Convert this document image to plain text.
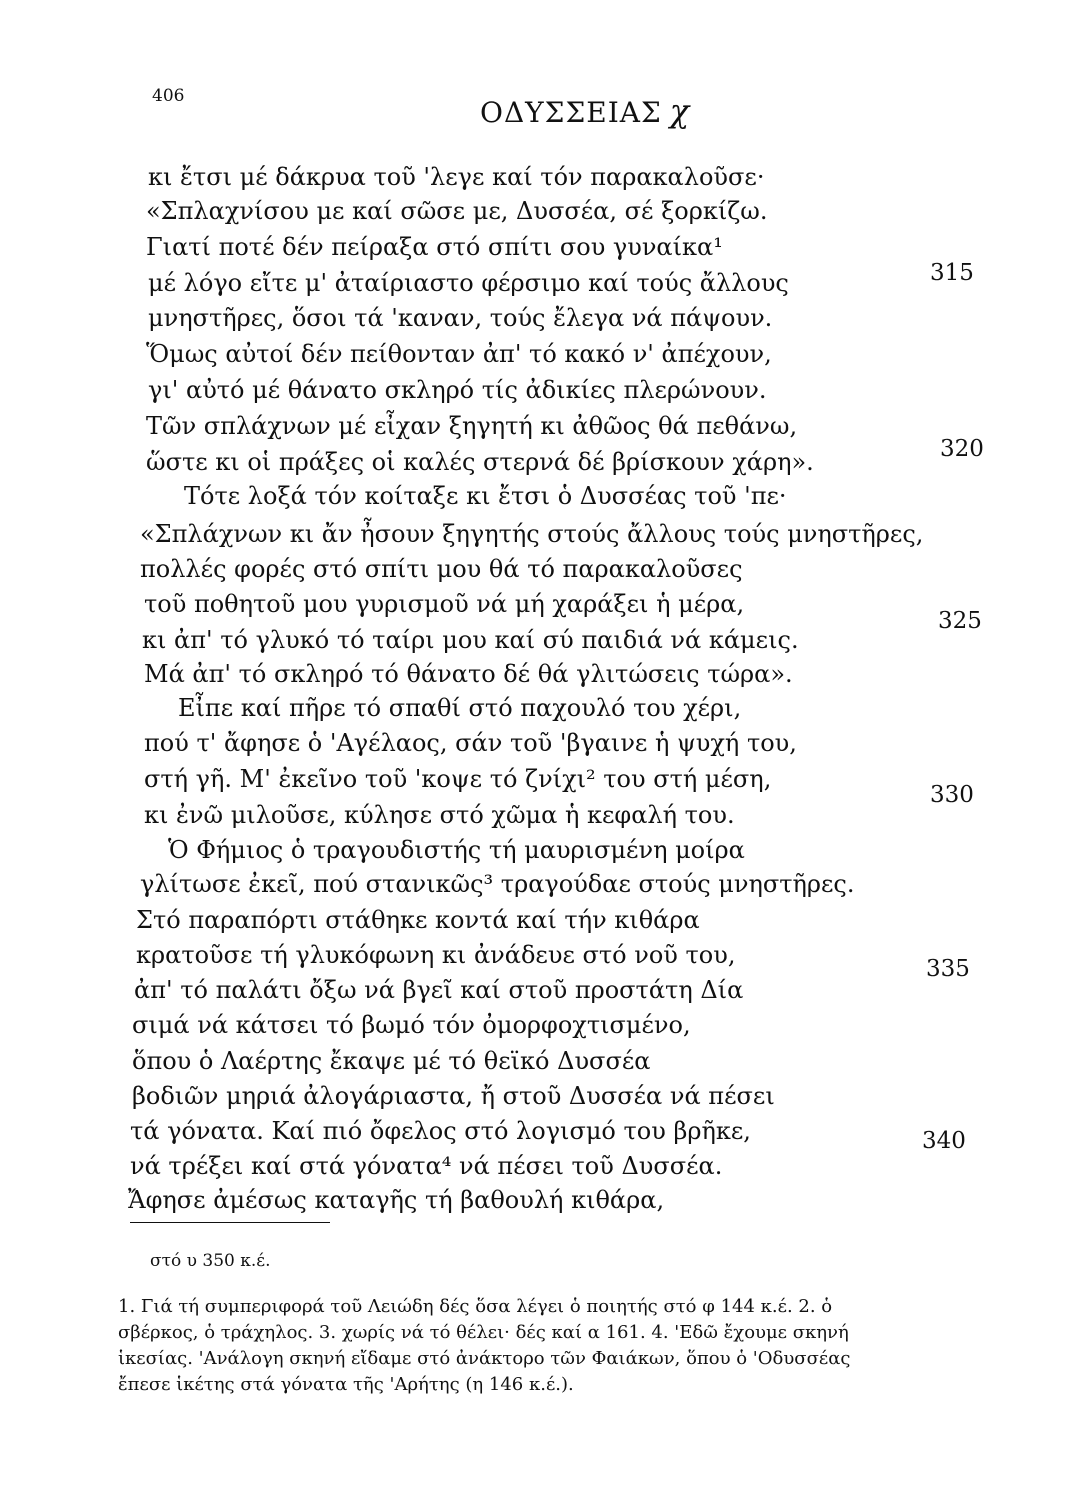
406	ΟΔΥΣΣΕΙΑΣ χ
κι ἔτσι μέ δάκρυα τοῦ 'λεγε καί τόν παρακαλοῦσε·
«Σπλαχνίσου με καί σῶσε με, Δυσσέα, σέ ξορκίζω.
Γιατί ποτέ δέν πείραξα στό σπίτι σου γυναίκα¹
μέ λόγο εἴτε μ' ἀταίριαστο φέρσιμο καί τούς ἄλλους
μνηστῆρες, ὅσοι τά 'καναν, τούς ἔλεγα νά πάψουν.
Ὅμως αὐτοί δέν πείθονταν ἀπ' τό κακό ν' ἀπέχουν,
γι' αὐτό μέ θάνατο σκληρό τίς ἀδικίες πλερώνουν.
Τῶν σπλάχνων μέ εἶχαν ξηγητή κι ἀθῶος θά πεθάνω,
ὥστε κι οἱ πράξες οἱ καλές στερνά δέ βρίσκουν χάρη».
Τότε λοξά τόν κοίταξε κι ἔτσι ὁ Δυσσέας τοῦ 'πε·
«Σπλάχνων κι ἄν ἦσουν ξηγητής στούς ἄλλους τούς μνηστῆρες,
πολλές φορές στό σπίτι μου θά τό παρακαλοῦσες
τοῦ ποθητοῦ μου γυρισμοῦ νά μή χαράξει ἡ μέρα,
κι ἀπ' τό γλυκό τό ταίρι μου καί σύ παιδιά νά κάμεις.
Μά ἀπ' τό σκληρό τό θάνατο δέ θά γλιτώσεις τώρα».
Εἶπε καί πῆρε τό σπαθί στό παχουλό του χέρι,
πού τ' ἄφησε ὁ 'Αγέλαος, σάν τοῦ 'βγαινε ἡ ψυχή του,
στή γῆ. Μ' ἐκεῖνο τοῦ 'κοψε τό ζνίχι² του στή μέση,
κι ἐνῶ μιλοῦσε, κύλησε στό χῶμα ἡ κεφαλή του.
Ὁ Φήμιος ὁ τραγουδιστής τή μαυρισμένη μοίρα
γλίτωσε ἐκεῖ, πού στανικῶς³ τραγούδαε στούς μνηστῆρες.
Στό παραπόρτι στάθηκε κοντά καί τήν κιθάρα
κρατοῦσε τή γλυκόφωνη κι ἀνάδευε στό νοῦ του,
ἀπ' τό παλάτι ὄξω νά βγεῖ καί στοῦ προστάτη Δία
σιμά νά κάτσει τό βωμό τόν ὀμορφοχτισμένο,
ὅπου ὁ Λαέρτης ἔκαψε μέ τό θεϊκό Δυσσέα
βοδιῶν μηριά ἀλογάριαστα, ἤ στοῦ Δυσσέα νά πέσει
τά γόνατα. Καί πιό ὄφελος στό λογισμό του βρῆκε,
νά τρέξει καί στά γόνατα⁴ νά πέσει τοῦ Δυσσέα.
Ἄφησε ἀμέσως καταγῆς τή βαθουλή κιθάρα,
315
320
325
330
335
340
στό υ 350 κ.έ.
1. Γιά τή συμπεριφορά τοῦ Λειώδη δές ὅσα λέγει ὁ ποιητής στό φ 144 κ.έ. 2. ὁ
σβέρκος, ὁ τράχηλος. 3. χωρίς νά τό θέλει· δές καί α 161. 4. 'Εδῶ ἔχουμε σκηνή
ἱκεσίας. 'Ανάλογη σκηνή εἴδαμε στό ἀνάκτορο τῶν Φαιάκων, ὅπου ὁ 'Οδυσσέας
ἔπεσε ἱκέτης στά γόνατα τῆς 'Αρήτης (η 146 κ.έ.).
